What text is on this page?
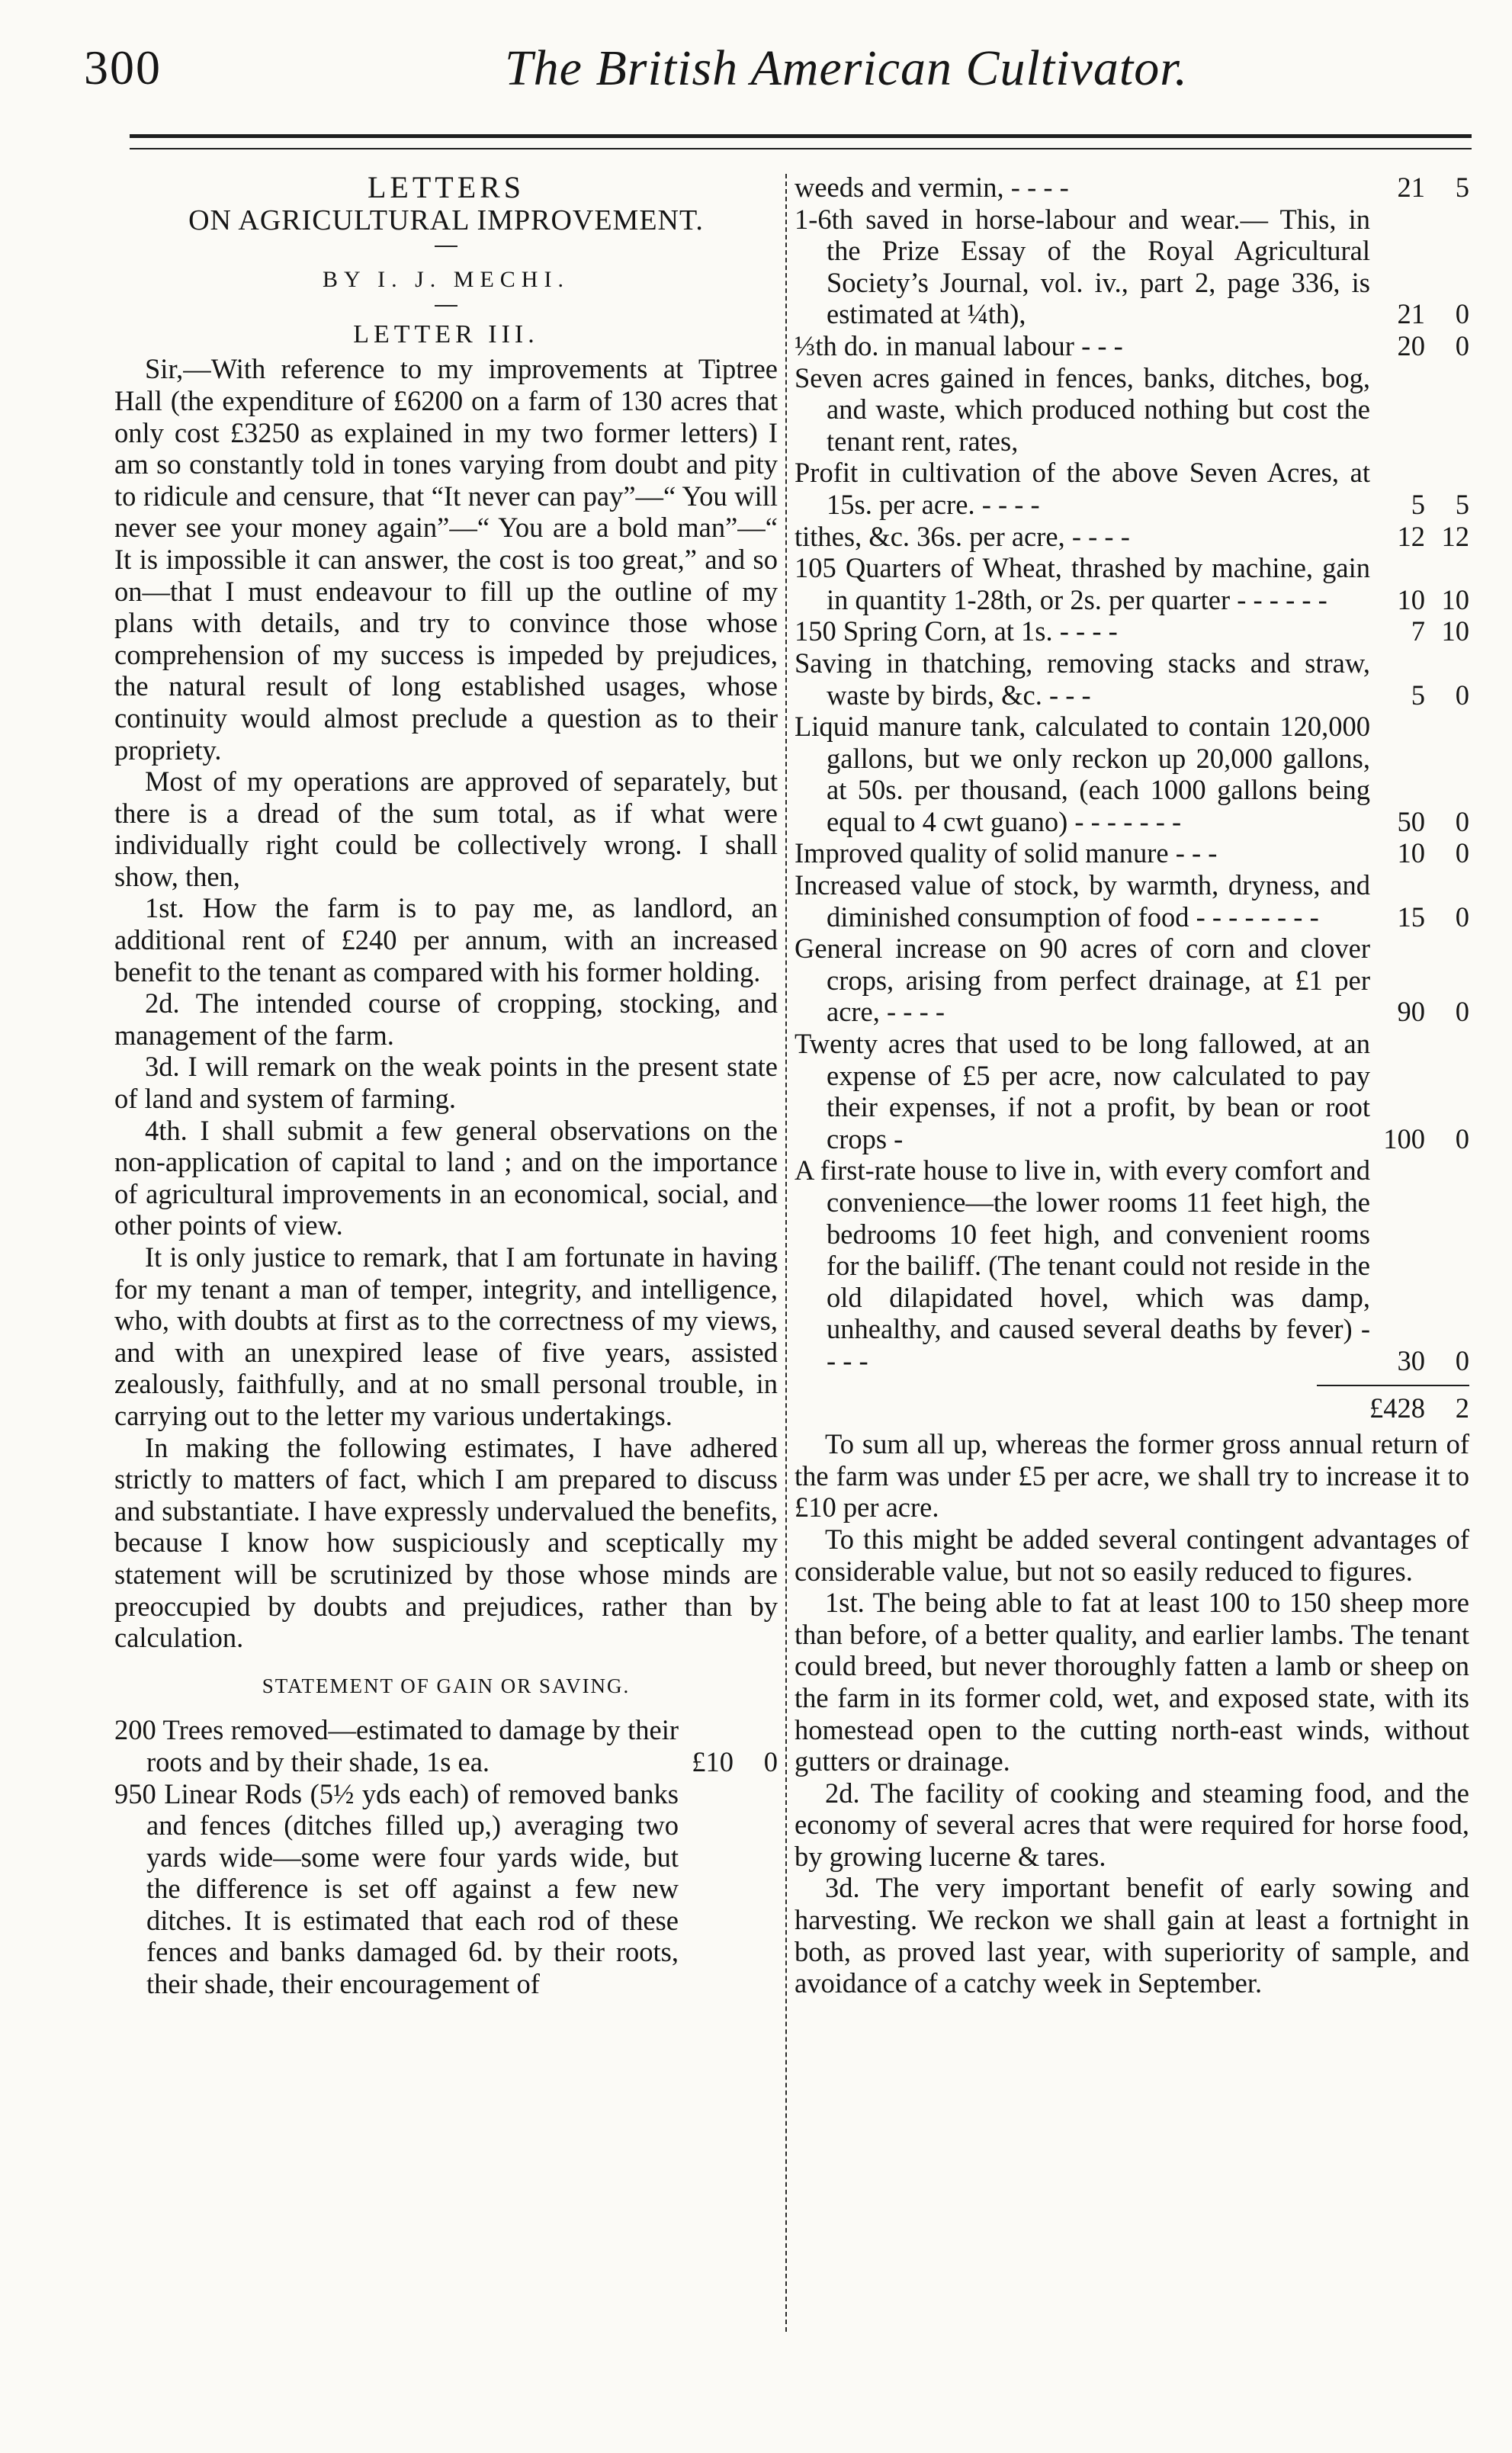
300	The British American Cultivator.
LETTERS
ON AGRICULTURAL IMPROVEMENT.
BY I. J. MECHI.
LETTER III.

Sir,—With reference to my improvements at Tiptree Hall (the expenditure of £6200 on a farm of 130 acres that only cost £3250 as explained in my two former letters) I am so constantly told in tones varying from doubt and pity to ridicule and censure, that “It never can pay”—“ You will never see your money again”—“ You are a bold man”—“ It is impossible it can answer, the cost is too great,” and so on—that I must endeavour to fill up the outline of my plans with details, and try to convince those whose comprehension of my success is impeded by prejudices, the natural result of long established usages, whose continuity would almost preclude a question as to their propriety.

Most of my operations are approved of separately, but there is a dread of the sum total, as if what were individually right could be collectively wrong. I shall show, then,

1st. How the farm is to pay me, as landlord, an additional rent of £240 per annum, with an increased benefit to the tenant as compared with his former holding.

2d. The intended course of cropping, stocking, and management of the farm.

3d. I will remark on the weak points in the present state of land and system of farming.

4th. I shall submit a few general observations on the non-application of capital to land ; and on the importance of agricultural improvements in an economical, social, and other points of view.

It is only justice to remark, that I am fortunate in having for my tenant a man of temper, integrity, and intelligence, who, with doubts at first as to the correctness of my views, and with an unexpired lease of five years, assisted zealously, faithfully, and at no small personal trouble, in carrying out to the letter my various undertakings.

In making the following estimates, I have adhered strictly to matters of fact, which I am prepared to discuss and substantiate. I have expressly undervalued the benefits, because I know how suspiciously and sceptically my statement will be scrutinized by those whose minds are preoccupied by doubts and prejudices, rather than by calculation.

STATEMENT OF GAIN OR SAVING.
200 Trees removed—estimated to damage by their roots and by their shade, 1s ea.	£10 0
950 Linear Rods (5½ yds each) of removed banks and fences (ditches filled up,) averaging two yards wide—some were four yards wide, but the difference is set off against a few new ditches. It is estimated that each rod of these fences and banks damaged 6d. by their roots, their shade, their encouragement of
weeds and vermin, - - - -	21 5
1-6th saved in horse-labour and wear.— This, in the Prize Essay of the Royal Agricultural Society’s Journal, vol. iv., part 2, page 336, is estimated at ¼th),	21 0
⅓th do. in manual labour - - -	20 0
Seven acres gained in fences, banks, ditches, bog, and waste, which produced nothing but cost the tenant rent, rates,
Profit in cultivation of the above Seven Acres, at 15s. per acre. - - - -	5 5
tithes, &c. 36s. per acre, - - - -	12 12
105 Quarters of Wheat, thrashed by machine, gain in quantity 1-28th, or 2s. per quarter - - - - - -	10 10
150 Spring Corn, at 1s. - - - -	7 10
Saving in thatching, removing stacks and straw, waste by birds, &c. - - -	5 0
Liquid manure tank, calculated to contain 120,000 gallons, but we only reckon up 20,000 gallons, at 50s. per thousand, (each 1000 gallons being equal to 4 cwt guano) - - - - - - -	50 0
Improved quality of solid manure - - -	10 0
Increased value of stock, by warmth, dryness, and diminished consumption of food - - - - - - - -	15 0
General increase on 90 acres of corn and clover crops, arising from perfect drainage, at £1 per acre, - - - -	90 0
Twenty acres that used to be long fallowed, at an expense of £5 per acre, now calculated to pay their expenses, if not a profit, by bean or root crops -	100 0
A first-rate house to live in, with every comfort and convenience—the lower rooms 11 feet high, the bedrooms 10 feet high, and convenient rooms for the bailiff. (The tenant could not reside in the old dilapidated hovel, which was damp, unhealthy, and caused several deaths by fever) - - - -	30 0
£428 2

To sum all up, whereas the former gross annual return of the farm was under £5 per acre, we shall try to increase it to £10 per acre.

To this might be added several contingent advantages of considerable value, but not so easily reduced to figures.

1st. The being able to fat at least 100 to 150 sheep more than before, of a better quality, and earlier lambs. The tenant could breed, but never thoroughly fatten a lamb or sheep on the farm in its former cold, wet, and exposed state, with its homestead open to the cutting north-east winds, without gutters or drainage.

2d. The facility of cooking and steaming food, and the economy of several acres that were required for horse food, by growing lucerne & tares.

3d. The very important benefit of early sowing and harvesting. We reckon we shall gain at least a fortnight in both, as proved last year, with superiority of sample, and avoidance of a catchy week in September.
